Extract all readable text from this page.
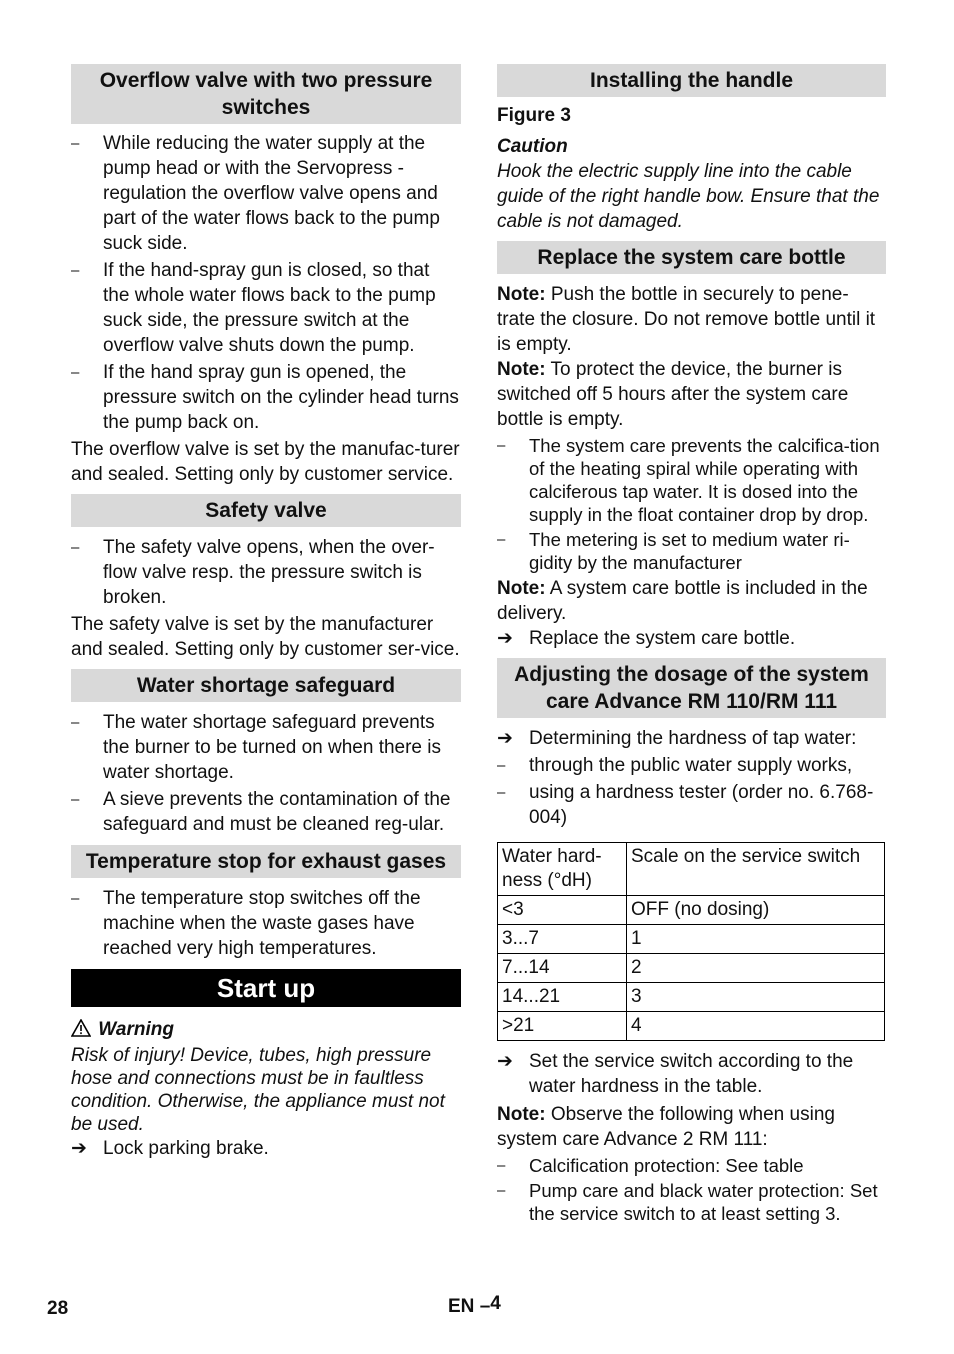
Overflow valve with two pressure switches
– While reducing the water supply at the pump head or with the Servopress -regulation the overflow valve opens and part of the water flows back to the pump suck side.
– If the hand-spray gun is closed, so that the whole water flows back to the pump suck side, the pressure switch at the overflow valve shuts down the pump.
– If the hand spray gun is opened, the pressure switch on the cylinder head turns the pump back on.

The overflow valve is set by the manufac-turer and sealed. Setting only by customer service.

Safety valve
– The safety valve opens, when the over-flow valve resp. the pressure switch is broken.

The safety valve is set by the manufacturer and sealed. Setting only by customer ser-vice.

Water shortage safeguard
– The water shortage safeguard prevents the burner to be turned on when there is water shortage.
– A sieve prevents the contamination of the safeguard and must be cleaned reg-ular.
Temperature stop for exhaust gases
– The temperature stop switches off the machine when the waste gases have reached very high temperatures.
Start up
Warning

Risk of injury! Device, tubes, high pressure hose and connections must be in faultless condition. Otherwise, the appliance must not be used.

➔ Lock parking brake.
Installing the handle
Figure 3
Caution

Hook the electric supply line into the cable guide of the right handle bow. Ensure that the cable is not damaged.

Replace the system care bottle

Note: Push the bottle in securely to pene-trate the closure. Do not remove bottle until it is empty.

Note: To protect the device, the burner is switched off 5 hours after the system care bottle is empty.

– The system care prevents the calcifica-tion of the heating spiral while operating with calciferous tap water. It is dosed into the supply in the float container drop by drop.
– The metering is set to medium water ri-gidity by the manufacturer

Note: A system care bottle is included in the delivery.

➔ Replace the system care bottle.
Adjusting the dosage of the system care Advance RM 110/RM 111
➔ Determining the hardness of tap water:
– through the public water supply works,
– using a hardness tester (order no. 6.768-004)
Water hard-ness (°dH)	Scale on the service switch
<3	OFF (no dosing)
3...7	1
7...14	2
14...21	3
>21	4
➔ Set the service switch according to the water hardness in the table.

Note: Observe the following when using system care Advance 2 RM 111:

– Calcification protection: See table
– Pump care and black water protection: Set the service switch to at least setting 3.
28	EN –4
